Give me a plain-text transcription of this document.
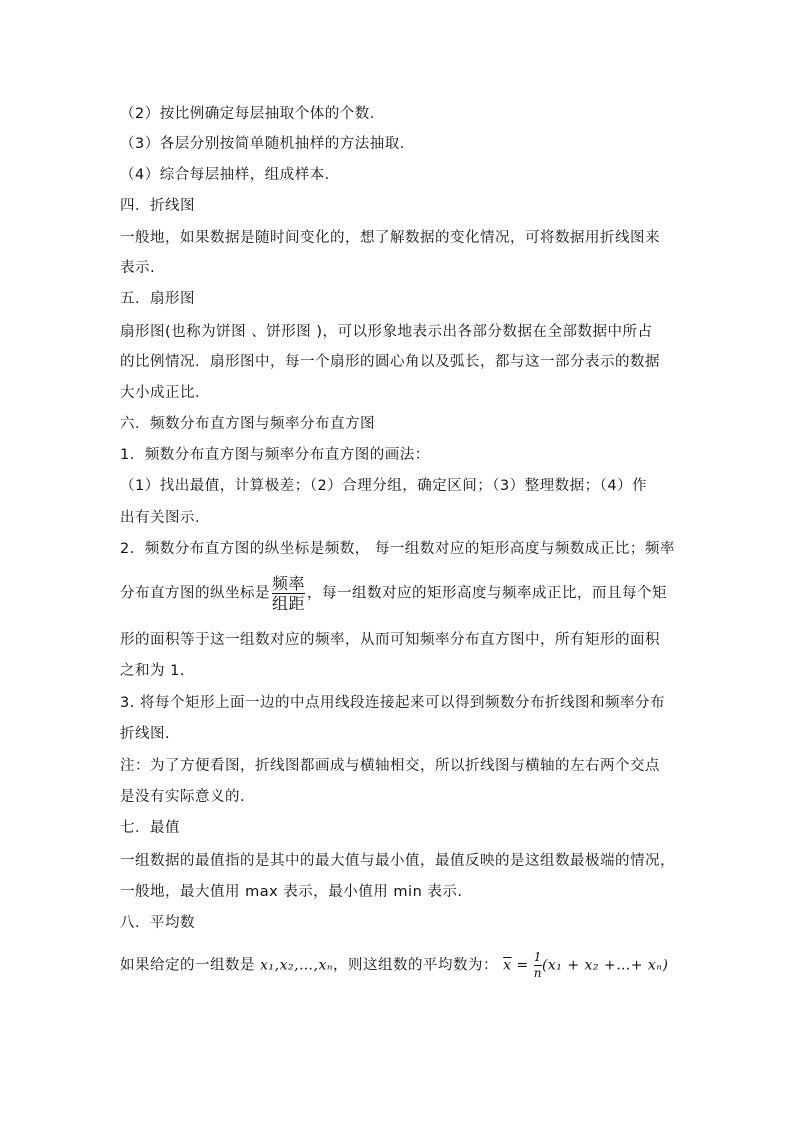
（2）按比例确定每层抽取个体的个数．
（3）各层分别按简单随机抽样的方法抽取．
（4）综合每层抽样，组成样本．
四．折线图
一般地，如果数据是随时间变化的，想了解数据的变化情况，可将数据用折线图来
表示.
五．扇形图
扇形图(也称为饼图 、饼形图 )，可以形象地表示出各部分数据在全部数据中所占
的比例情况．扇形图中，每一个扇形的圆心角以及弧长，都与这一部分表示的数据
大小成正比．
六．频数分布直方图与频率分布直方图
1．频数分布直方图与频率分布直方图的画法：
（1）找出最值，计算极差；（2）合理分组，确定区间；（3）整理数据；（4）作
出有关图示.
2．频数分布直方图的纵坐标是频数， 每一组数对应的矩形高度与频数成正比；频率
分布直方图的纵坐标是 $\frac{\text{频率}}{\text{组距}}$ ，每一组数对应的矩形高度与频率成正比，而且每个矩
形的面积等于这一组数对应的频率，从而可知频率分布直方图中，所有矩形的面积
之和为 1.
3. 将每个矩形上面一边的中点用线段连接起来可以得到频数分布折线图和频率分布
折线图.
注：为了方便看图，折线图都画成与横轴相交，所以折线图与横轴的左右两个交点
是没有实际意义的．
七．最值
一组数据的最值指的是其中的最大值与最小值，最值反映的是这组数最极端的情况，
一般地，最大值用 max 表示，最小值用 min 表示.
八．平均数
如果给定的一组数是 x₁,x₂,…,xₙ，则这组数的平均数为： $\overline{x} = \frac{1}{n} (x_1 + x_2$ +…+ xₙ)
